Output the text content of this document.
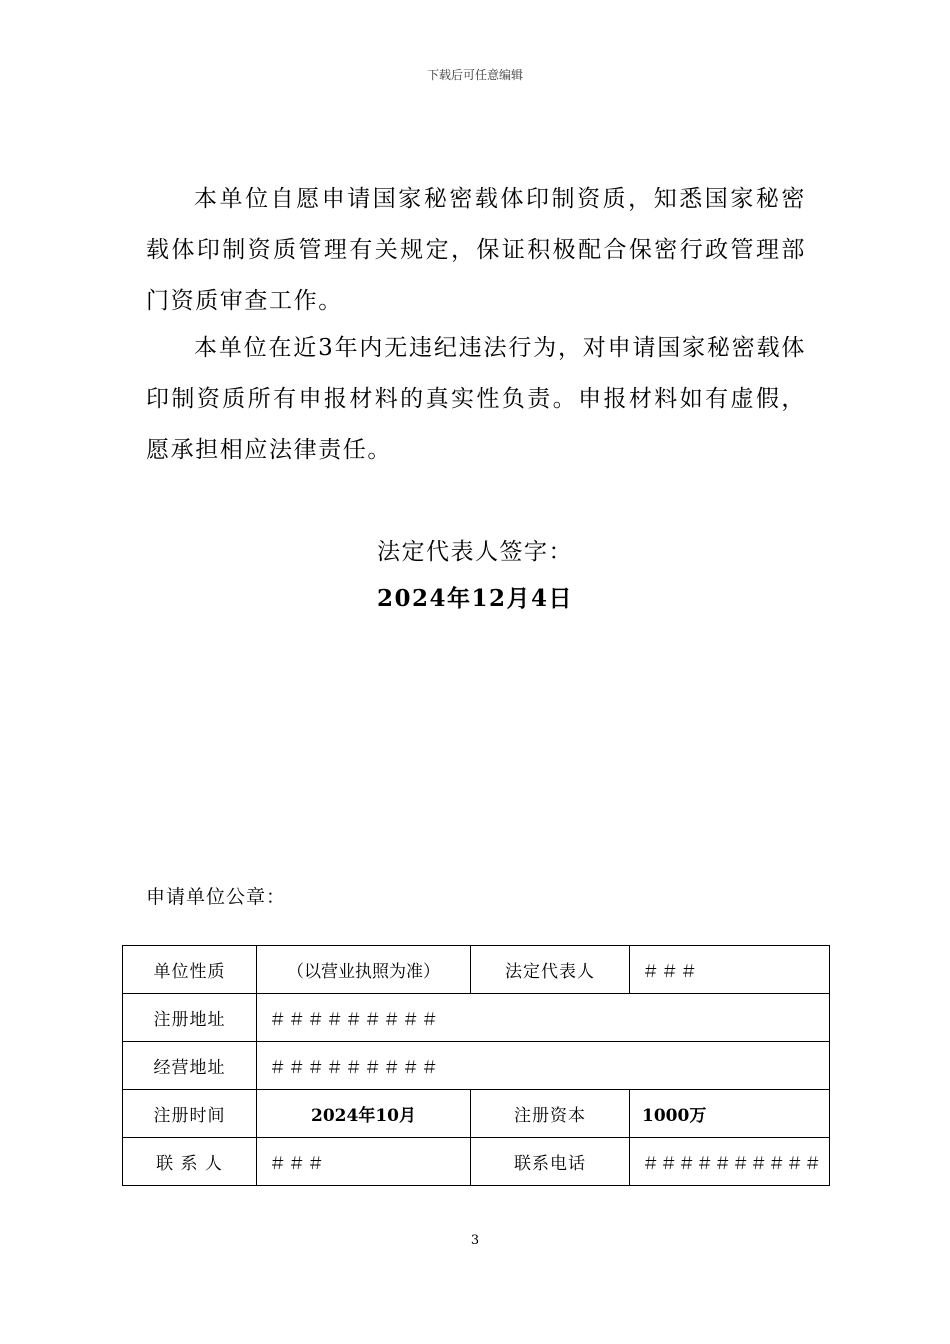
下载后可任意编辑

本单位自愿申请国家秘密载体印制资质，知悉国家秘密载体印制资质管理有关规定，保证积极配合保密行政管理部门资质审查工作。

本单位在近3年内无违纪违法行为，对申请国家秘密载体印制资质所有申报材料的真实性负责。申报材料如有虚假，愿承担相应法律责任。

法定代表人签字：
2024年12月4日
申请单位公章：
单位性质	（以营业执照为准）	法定代表人	＃＃＃
注册地址	＃＃＃＃＃＃＃＃＃		
经营地址	＃＃＃＃＃＃＃＃＃		
注册时间	2024年10月	注册资本	1000万
联 系 人	＃＃＃	联系电话	＃＃＃＃＃＃＃＃＃＃
3
